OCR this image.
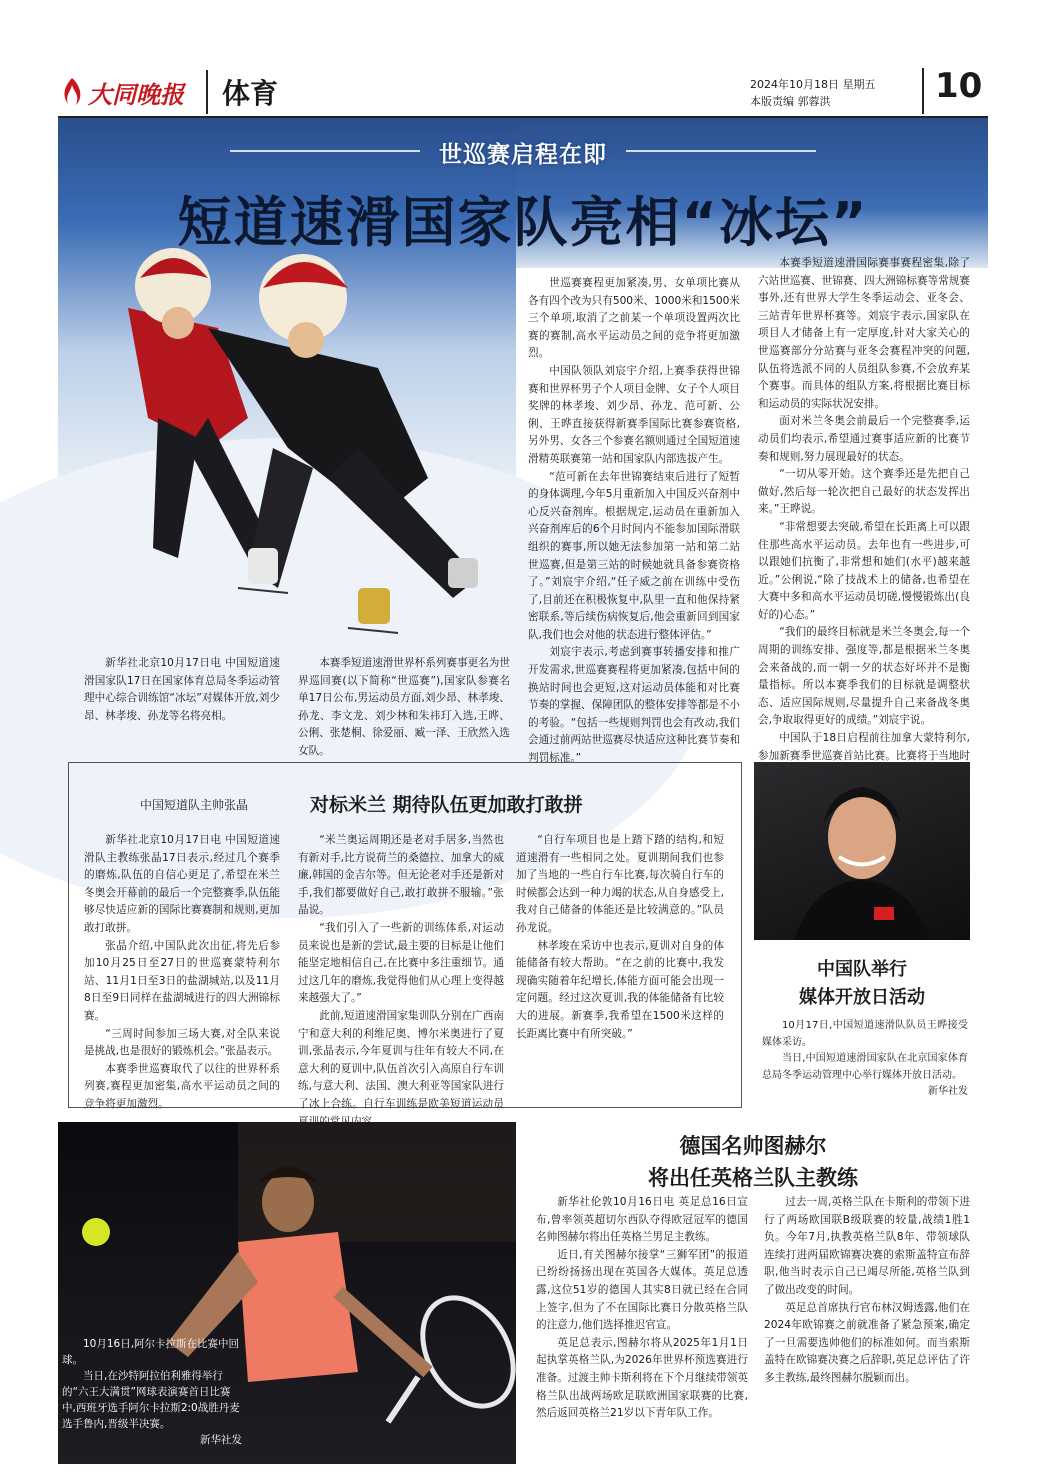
大同晚报 体育	2024年10月18日 星期五
本版责编 郭蓉洪	10
世巡赛启程在即
短道速滑国家队亮相“冰坛”

新华社北京10月17日电 中国短道速滑国家队17日在国家体育总局冬季运动管理中心综合训练馆“冰坛”对媒体开放,刘少昂、林孝埈、孙龙等名将亮相。

本赛季短道速滑世界杯系列赛事更名为世界巡回赛(以下简称“世巡赛”),国家队参赛名单17日公布,男运动员方面,刘少昂、林孝埈、孙龙、李文龙、刘少林和朱祎玎入选,王晔、公俐、张楚桐、徐爱丽、臧一泽、王欣然入选女队。

世巡赛赛程更加紧凑,男、女单项比赛从各有四个改为只有500米、1000米和1500米三个单项,取消了之前某一个单项设置两次比赛的赛制,高水平运动员之间的竞争将更加激烈。

中国队领队刘宸宇介绍,上赛季获得世锦赛和世界杯男子个人项目金牌、女子个人项目奖牌的林孝埈、刘少昂、孙龙、范可新、公俐、王晔直接获得新赛季国际比赛参赛资格,另外男、女各三个参赛名额则通过全国短道速滑精英联赛第一站和国家队内部选拔产生。

“范可新在去年世锦赛结束后进行了短暂的身体调理,今年5月重新加入中国反兴奋剂中心反兴奋剂库。根据规定,运动员在重新加入兴奋剂库后的6个月时间内不能参加国际滑联组织的赛事,所以她无法参加第一站和第二站世巡赛,但是第三站的时候她就具备参赛资格了。”刘宸宇介绍,“任子威之前在训练中受伤了,目前还在积极恢复中,队里一直和他保持紧密联系,等后续伤病恢复后,他会重新回到国家队,我们也会对他的状态进行整体评估。”

刘宸宇表示,考虑到赛事转播安排和推广开发需求,世巡赛赛程将更加紧凑,包括中间的换站时间也会更短,这对运动员体能和对比赛节奏的掌握、保障团队的整体安排等都是不小的考验。“包括一些规则判罚也会有改动,我们会通过前两站世巡赛尽快适应这种比赛节奏和判罚标准。”

本赛季短道速滑国际赛事赛程密集,除了六站世巡赛、世锦赛、四大洲锦标赛等常规赛事外,还有世界大学生冬季运动会、亚冬会、三站青年世界杯赛等。刘宸宇表示,国家队在项目人才储备上有一定厚度,针对大家关心的世巡赛部分分站赛与亚冬会赛程冲突的问题,队伍将选派不同的人员组队参赛,不会放弃某个赛事。而具体的组队方案,将根据比赛目标和运动员的实际状况安排。

面对米兰冬奥会前最后一个完整赛季,运动员们均表示,希望通过赛事适应新的比赛节奏和规则,努力展现最好的状态。

“一切从零开始。这个赛季还是先把自己做好,然后每一轮次把自己最好的状态发挥出来。”王晔说。

“非常想要去突破,希望在长距离上可以跟住那些高水平运动员。去年也有一些进步,可以跟她们抗衡了,非常想和她们(水平)越来越近。”公俐说,“除了技战术上的储备,也希望在大赛中多和高水平运动员切磋,慢慢锻炼出(良好的)心态。”

“我们的最终目标就是米兰冬奥会,每一个周期的训练安排、强度等,都是根据米兰冬奥会来备战的,而一朝一夕的状态好坏并不是衡量指标。所以本赛季我们的目标就是调整状态、适应国际规则,尽量提升自己来备战冬奥会,争取取得更好的成绩。”刘宸宇说。

中国队于18日启程前往加拿大蒙特利尔,参加新赛季世巡赛首站比赛。比赛将于当地时

中国短道队主帅张晶	对标米兰 期待队伍更加敢打敢拼

新华社北京10月17日电 中国短道速滑队主教练张晶17日表示,经过几个赛季的磨炼,队伍的自信心更足了,希望在米兰冬奥会开幕前的最后一个完整赛季,队伍能够尽快适应新的国际比赛赛制和规则,更加敢打敢拼。

张晶介绍,中国队此次出征,将先后参加10月25日至27日的世巡赛蒙特利尔站、11月1日至3日的盐湖城站,以及11月8日至9日同样在盐湖城进行的四大洲锦标赛。

“三周时间参加三场大赛,对全队来说是挑战,也是很好的锻炼机会。”张晶表示。

本赛季世巡赛取代了以往的世界杯系列赛,赛程更加密集,高水平运动员之间的竞争将更加激烈。

“米兰奥运周期还是老对手居多,当然也有新对手,比方说荷兰的桑德拉、加拿大的威廉,韩国的金吉尔等。但无论老对手还是新对手,我们都要做好自己,敢打敢拼不服输。”张晶说。

“我们引入了一些新的训练体系,对运动员来说也是新的尝试,最主要的目标是让他们能坚定地相信自己,在比赛中多注重细节。通过这几年的磨炼,我觉得他们从心理上变得越来越强大了。”

此前,短道速滑国家集训队分别在广西南宁和意大利的利维尼奥、博尔米奥进行了夏训,张晶表示,今年夏训与往年有较大不同,在意大利的夏训中,队伍首次引入高原自行车训练,与意大利、法国、澳大利亚等国家队进行了冰上合练。自行车训练是欧美短道运动员

“自行车项目也是上踏下踏的结构,和短道速滑有一些相同之处。夏训期间我们也参加了当地的一些自行车比赛,每次骑自行车的时候都会达到一种力竭的状态,从自身感受上,我对自己储备的体能还是比较满意的。”队员孙龙说。

林孝埈在采访中也表示,夏训对自身的体能储备有较大帮助。“在之前的比赛中,我发现确实随着年纪增长,体能方面可能会出现一定问题。经过这次夏训,我的体能储备有比较大的进展。新赛季,我希望在1500米这样的长距离比赛中有所突破。”

中国队举行
媒体开放日活动

10月17日,中国短道速滑队队员王晔接受媒体采访。

当日,中国短道速滑国家队在北京国家体育总局冬季运动管理中心举行媒体开放日活动。

新华社发
10月16日,阿尔卡拉斯在比赛中回球。
当日,在沙特阿拉伯利雅得举行的“六王大满贯”网球表演赛首日比赛中,西班牙选手阿尔卡拉斯2:0战胜丹麦选手鲁内,晋级半决赛。
新华社发
德国名帅图赫尔
将出任英格兰队主教练

新华社伦敦10月16日电 英足总16日宣布,曾率领英超切尔西队夺得欧冠冠军的德国名帅图赫尔将出任英格兰男足主教练。

近日,有关图赫尔接掌“三狮军团”的报道已纷纷扬扬出现在英国各大媒体。英足总透露,这位51岁的德国人其实8日就已经在合同上签字,但为了不在国际比赛日分散英格兰队的注意力,他们选择推迟官宣。

英足总表示,图赫尔将从2025年1月1日起执掌英格兰队,为2026年世界杯预选赛进行准备。过渡主帅卡斯利将在下个月继续带领英格兰队出战两场欧足联欧洲国家联赛的比赛,然后返回英格兰21岁以下青年队工作。

过去一周,英格兰队在卡斯利的带领下进行了两场欧国联B级联赛的较量,战绩1胜1负。今年7月,执教英格兰队8年、带领球队连续打进两届欧锦赛决赛的索斯盖特宣布辞职,他当时表示自己已竭尽所能,英格兰队到了做出改变的时间。

英足总首席执行官布林汉姆透露,他们在2024年欧锦赛之前就准备了紧急预案,确定了一旦需要选帅他们的标准如何。而当索斯盖特在欧锦赛决赛之后辞职,英足总评估了许多主教练,最终图赫尔脱颖而出。
